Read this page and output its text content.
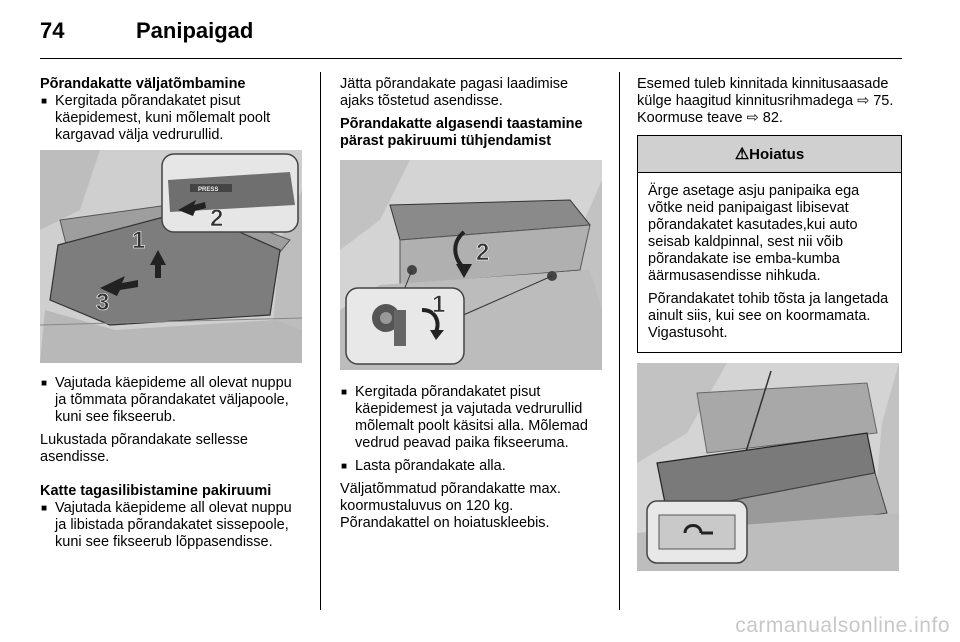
74	Panipaigad
Põrandakatte väljatõmbamine
■ Kergitada põrandakatet pisut käepidemest, kuni mõlemalt poolt kargavad välja vedrurullid.
PRESS
1
2
3
■ Vajutada käepideme all olevat nuppu ja tõmmata põrandakatet väljapoole, kuni see fikseerub.
Lukustada põrandakate sellesse asendisse.
Katte tagasilibistamine pakiruumi
■ Vajutada käepideme all olevat nuppu ja libistada põrandakatet sissepoole, kuni see fikseerub lõppasendisse.
Jätta põrandakate pagasi laadimise ajaks tõstetud asendisse.
Põrandakatte algasendi taastamine pärast pakiruumi tühjendamist
1
2
■ Kergitada põrandakatet pisut käepidemest ja vajutada vedrurullid mõlemalt poolt käsitsi alla. Mõlemad vedrud peavad paika fikseeruma.
■ Lasta põrandakate alla.
Väljatõmmatud põrandakatte max. koormustaluvus on 120 kg. Põrandakattel on hoiatuskleebis.
Esemed tuleb kinnitada kinnitusaasade külge haagitud kinnitusrihmadega ⇨ 75. Koormuse teave ⇨ 82.
⚠Hoiatus
Ärge asetage asju panipaika ega võtke neid panipaigast libisevat põrandakatet kasutades,kui auto seisab kaldpinnal, sest nii võib põrandakate ise emba-kumba äärmusasendisse nihkuda.
Põrandakatet tohib tõsta ja langetada ainult siis, kui see on koormamata. Vigastusoht.
carmanualsonline.info
